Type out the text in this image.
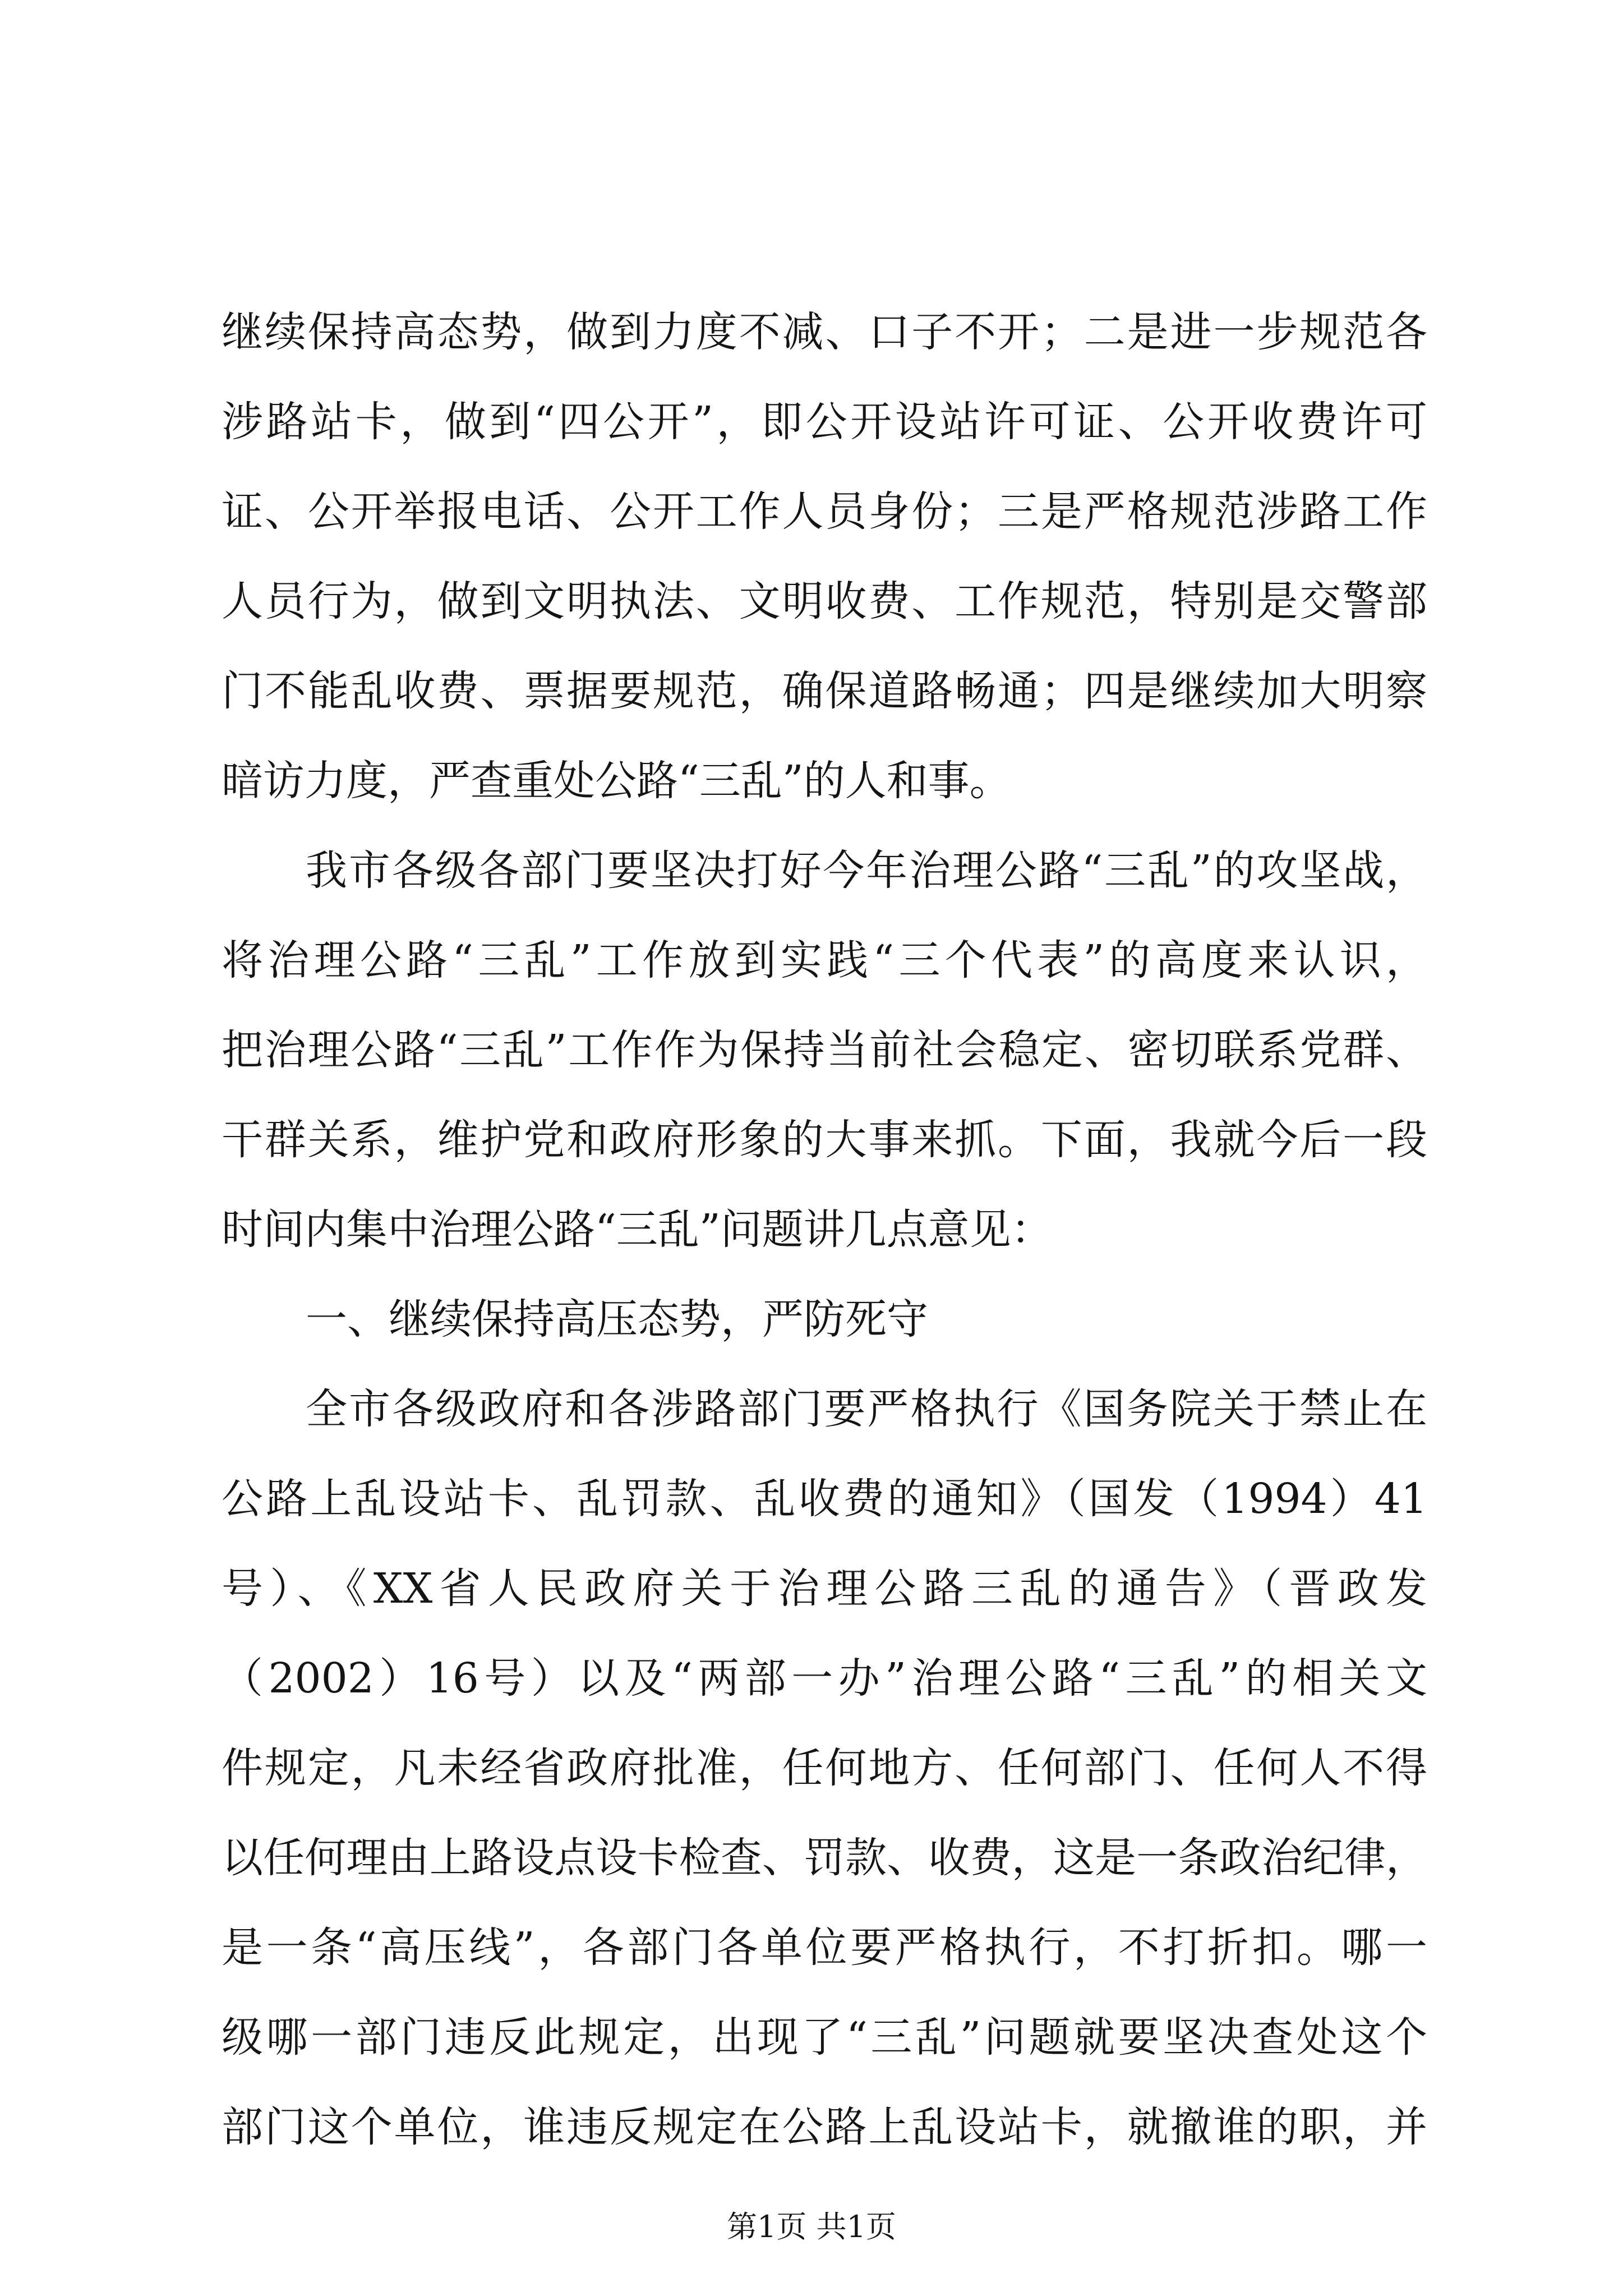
继续保持高态势，做到力度不减、口子不开；二是进一步规范各
涉路站卡，做到“四公开”，即公开设站许可证、公开收费许可
证、公开举报电话、公开工作人员身份；三是严格规范涉路工作
人员行为，做到文明执法、文明收费、工作规范，特别是交警部
门不能乱收费、票据要规范，确保道路畅通；四是继续加大明察
暗访力度，严查重处公路“三乱”的人和事。
我市各级各部门要坚决打好今年治理公路“三乱”的攻坚战，
将治理公路“三乱”工作放到实践“三个代表”的高度来认识，
把治理公路“三乱”工作作为保持当前社会稳定、密切联系党群、
干群关系，维护党和政府形象的大事来抓。下面，我就今后一段
时间内集中治理公路“三乱”问题讲几点意见：
一、继续保持高压态势，严防死守
全市各级政府和各涉路部门要严格执行《国务院关于禁止在
公路上乱设站卡、乱罚款、乱收费的通知》（国发（1994）41
号）、《XX省人民政府关于治理公路三乱的通告》（晋政发
（2002）16号）以及“两部一办”治理公路“三乱”的相关文
件规定，凡未经省政府批准，任何地方、任何部门、任何人不得
以任何理由上路设点设卡检查、罚款、收费，这是一条政治纪律，
是一条“高压线”，各部门各单位要严格执行，不打折扣。哪一
级哪一部门违反此规定，出现了“三乱”问题就要坚决查处这个
部门这个单位，谁违反规定在公路上乱设站卡，就撤谁的职，并
第1页 共1页
